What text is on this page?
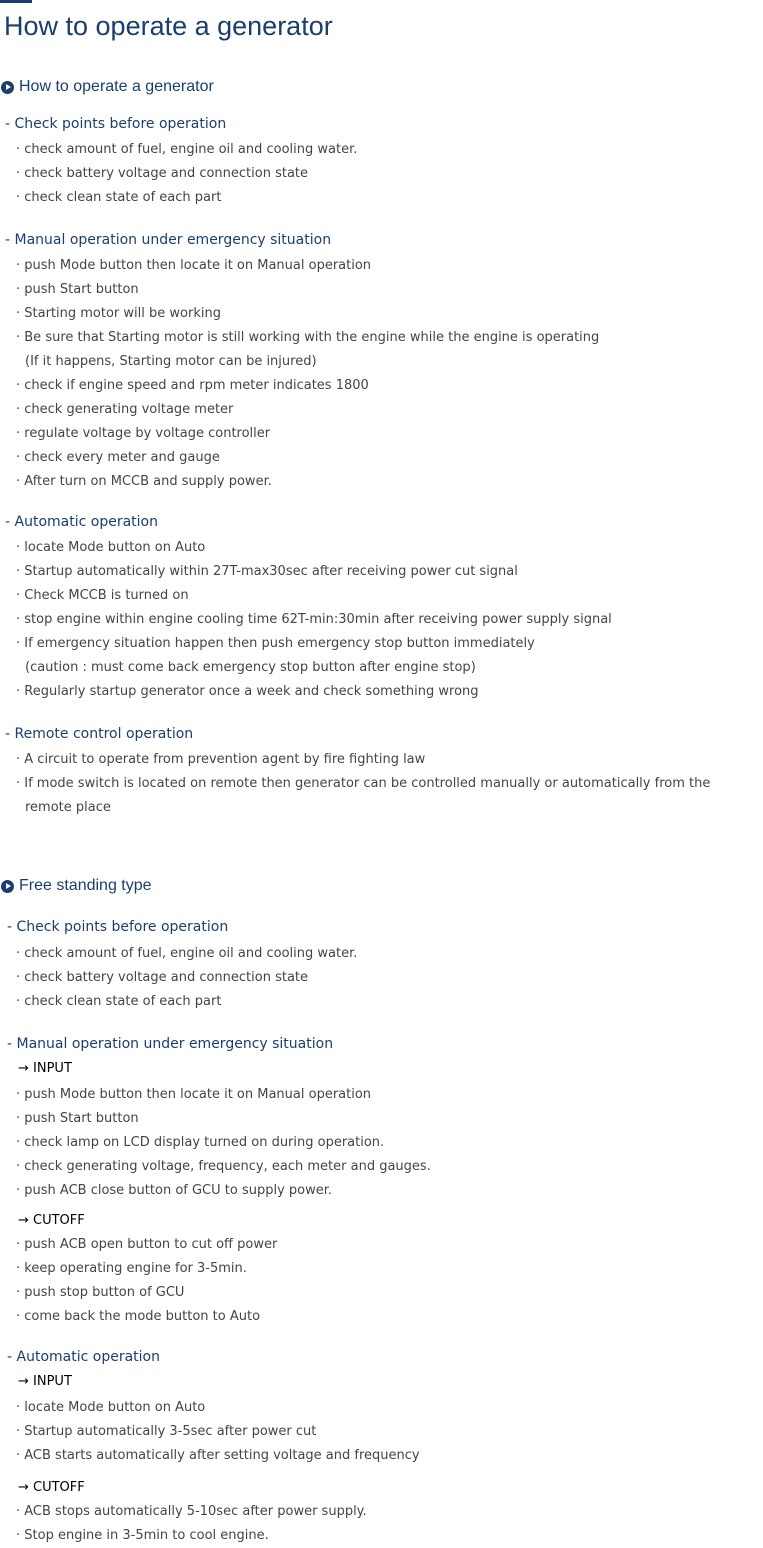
How to operate a generator
How to operate a generator
- Check points before operation
· check amount of fuel, engine oil and cooling water.
· check battery voltage and connection state
· check clean state of each part
- Manual operation under emergency situation
· push Mode button then locate it on Manual operation
· push Start button
· Starting motor will be working
· Be sure that Starting motor is still working with the engine while the engine is operating
(If it happens, Starting motor can be injured)
· check if engine speed and rpm meter indicates 1800
· check generating voltage meter
· regulate voltage by voltage controller
· check every meter and gauge
· After turn on MCCB and supply power.
- Automatic operation
· locate Mode button on Auto
· Startup automatically within 27T-max30sec after receiving power cut signal
· Check MCCB is turned on
· stop engine within engine cooling time 62T-min:30min after receiving power supply signal
· If emergency situation happen then push emergency stop button immediately
(caution : must come back emergency stop button after engine stop)
· Regularly startup generator once a week and check something wrong
- Remote control operation
· A circuit to operate from prevention agent by fire fighting law
· If mode switch is located on remote then generator can be controlled manually or automatically from the
remote place
Free standing type
- Check points before operation
· check amount of fuel, engine oil and cooling water.
· check battery voltage and connection state
· check clean state of each part
- Manual operation under emergency situation
→ INPUT
· push Mode button then locate it on Manual operation
· push Start button
· check lamp on LCD display turned on during operation.
· check generating voltage, frequency, each meter and gauges.
· push ACB close button of GCU to supply power.
→ CUTOFF
· push ACB open button to cut off power
· keep operating engine for 3-5min.
· push stop button of GCU
· come back the mode button to Auto
- Automatic operation
→ INPUT
· locate Mode button on Auto
· Startup automatically 3-5sec after power cut
· ACB starts automatically after setting voltage and frequency
→ CUTOFF
· ACB stops automatically 5-10sec after power supply.
· Stop engine in 3-5min to cool engine.
